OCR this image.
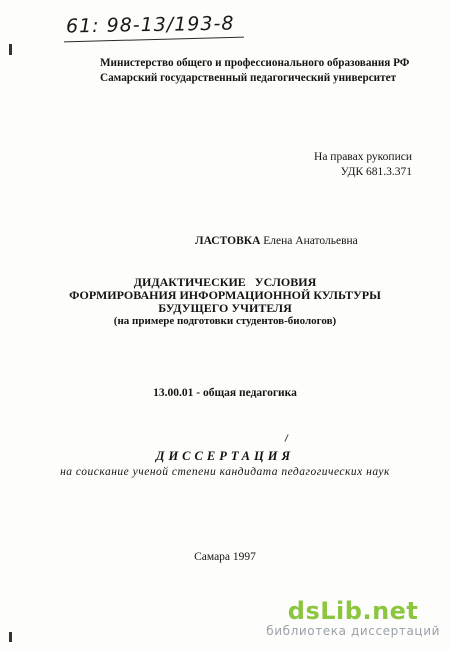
61: 98-13/193-8
Министерство общего и профессионального образования РФ
Самарский государственный педагогический университет
На правах рукописи
УДК 681.3.371
ЛАСТОВКА Елена Анатольевна
ДИДАКТИЧЕСКИЕ УСЛОВИЯ
ФОРМИРОВАНИЯ ИНФОРМАЦИОННОЙ КУЛЬТУРЫ
БУДУЩЕГО УЧИТЕЛЯ
(на примере подготовки студентов-биологов)
13.00.01 - общая педагогика
ДИССЕРТАЦИЯ
на соискание ученой степени кандидата педагогических наук
Самара 1997
dsLib.net
библиотека диссертаций
